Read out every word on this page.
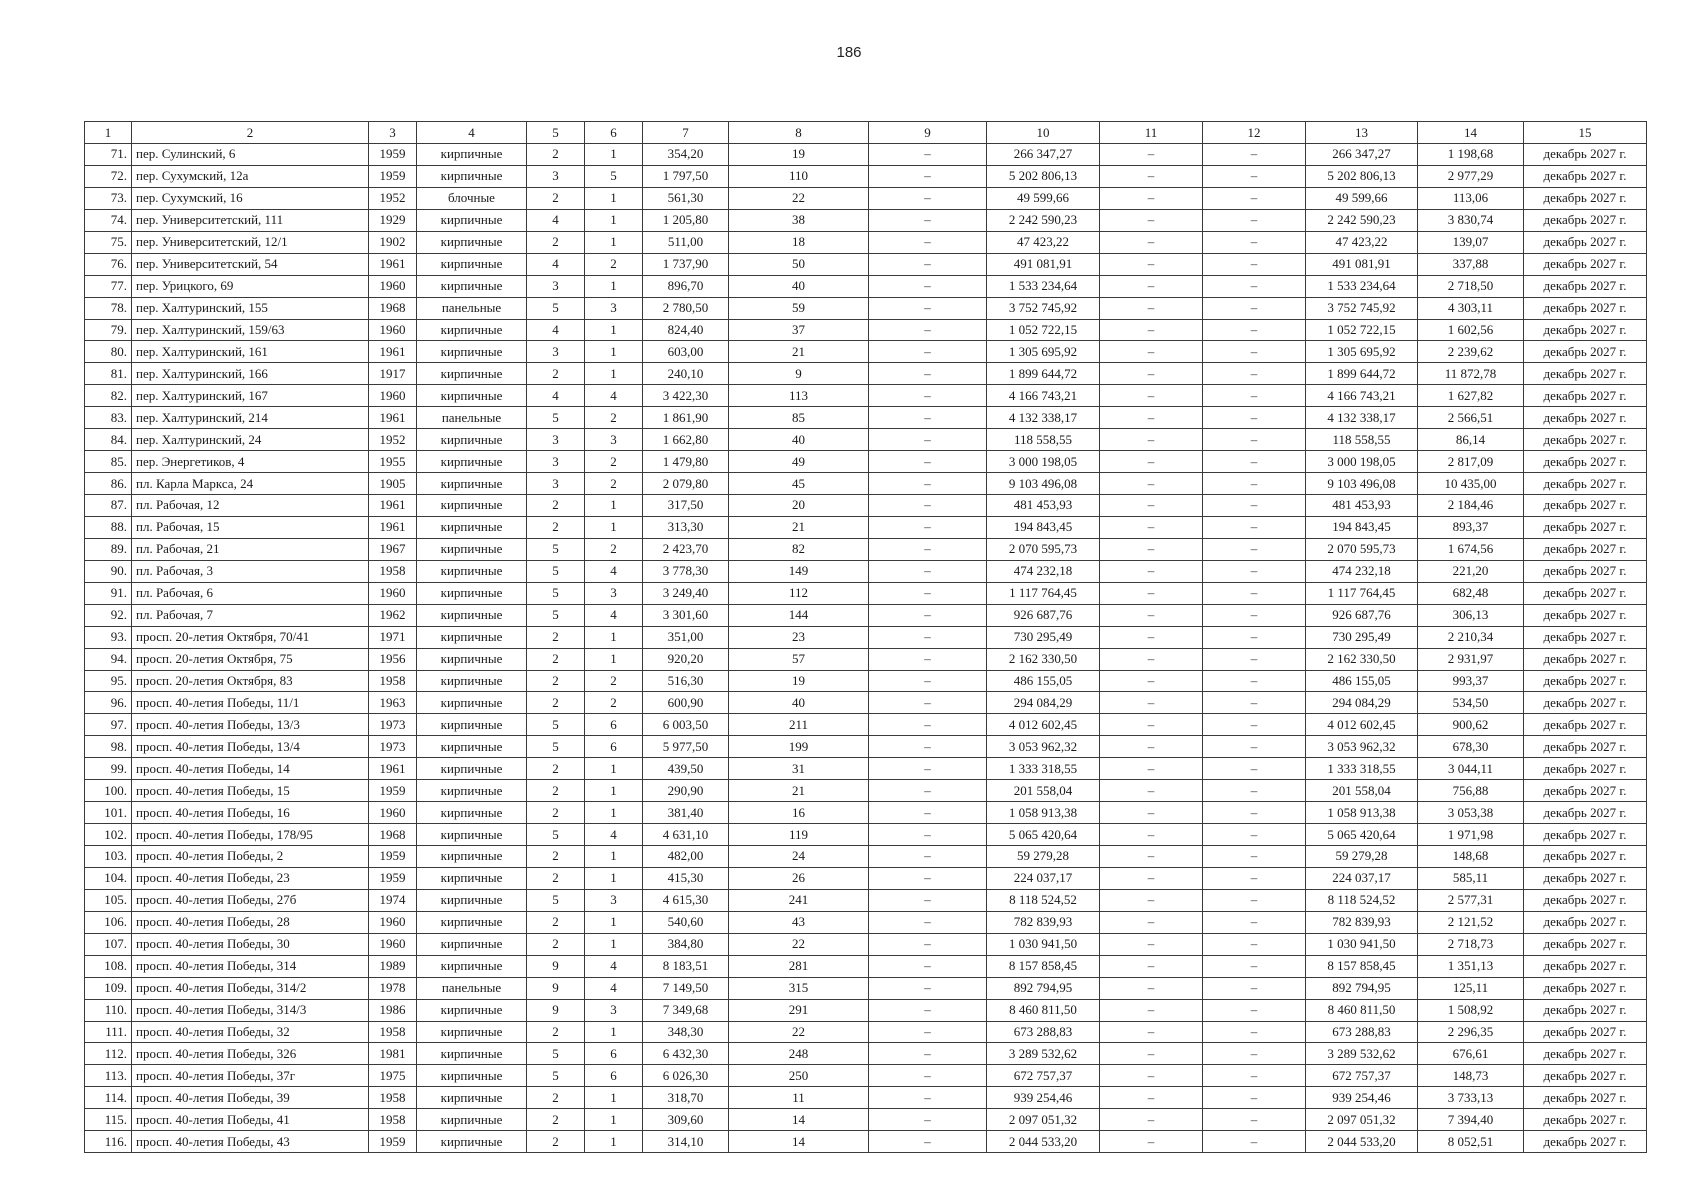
186
1	2	3	4	5	6	7	8	9	10	11	12	13	14	15
71.	пер. Сулинский, 6	1959	кирпичные	2	1	354,20	19	–	266 347,27	–	–	266 347,27	1 198,68	декабрь 2027 г.
72.	пер. Сухумский, 12а	1959	кирпичные	3	5	1 797,50	110	–	5 202 806,13	–	–	5 202 806,13	2 977,29	декабрь 2027 г.
73.	пер. Сухумский, 16	1952	блочные	2	1	561,30	22	–	49 599,66	–	–	49 599,66	113,06	декабрь 2027 г.
74.	пер. Университетский, 111	1929	кирпичные	4	1	1 205,80	38	–	2 242 590,23	–	–	2 242 590,23	3 830,74	декабрь 2027 г.
75.	пер. Университетский, 12/1	1902	кирпичные	2	1	511,00	18	–	47 423,22	–	–	47 423,22	139,07	декабрь 2027 г.
76.	пер. Университетский, 54	1961	кирпичные	4	2	1 737,90	50	–	491 081,91	–	–	491 081,91	337,88	декабрь 2027 г.
77.	пер. Урицкого, 69	1960	кирпичные	3	1	896,70	40	–	1 533 234,64	–	–	1 533 234,64	2 718,50	декабрь 2027 г.
78.	пер. Халтуринский, 155	1968	панельные	5	3	2 780,50	59	–	3 752 745,92	–	–	3 752 745,92	4 303,11	декабрь 2027 г.
79.	пер. Халтуринский, 159/63	1960	кирпичные	4	1	824,40	37	–	1 052 722,15	–	–	1 052 722,15	1 602,56	декабрь 2027 г.
80.	пер. Халтуринский, 161	1961	кирпичные	3	1	603,00	21	–	1 305 695,92	–	–	1 305 695,92	2 239,62	декабрь 2027 г.
81.	пер. Халтуринский, 166	1917	кирпичные	2	1	240,10	9	–	1 899 644,72	–	–	1 899 644,72	11 872,78	декабрь 2027 г.
82.	пер. Халтуринский, 167	1960	кирпичные	4	4	3 422,30	113	–	4 166 743,21	–	–	4 166 743,21	1 627,82	декабрь 2027 г.
83.	пер. Халтуринский, 214	1961	панельные	5	2	1 861,90	85	–	4 132 338,17	–	–	4 132 338,17	2 566,51	декабрь 2027 г.
84.	пер. Халтуринский, 24	1952	кирпичные	3	3	1 662,80	40	–	118 558,55	–	–	118 558,55	86,14	декабрь 2027 г.
85.	пер. Энергетиков, 4	1955	кирпичные	3	2	1 479,80	49	–	3 000 198,05	–	–	3 000 198,05	2 817,09	декабрь 2027 г.
86.	пл. Карла Маркса, 24	1905	кирпичные	3	2	2 079,80	45	–	9 103 496,08	–	–	9 103 496,08	10 435,00	декабрь 2027 г.
87.	пл. Рабочая, 12	1961	кирпичные	2	1	317,50	20	–	481 453,93	–	–	481 453,93	2 184,46	декабрь 2027 г.
88.	пл. Рабочая, 15	1961	кирпичные	2	1	313,30	21	–	194 843,45	–	–	194 843,45	893,37	декабрь 2027 г.
89.	пл. Рабочая, 21	1967	кирпичные	5	2	2 423,70	82	–	2 070 595,73	–	–	2 070 595,73	1 674,56	декабрь 2027 г.
90.	пл. Рабочая, 3	1958	кирпичные	5	4	3 778,30	149	–	474 232,18	–	–	474 232,18	221,20	декабрь 2027 г.
91.	пл. Рабочая, 6	1960	кирпичные	5	3	3 249,40	112	–	1 117 764,45	–	–	1 117 764,45	682,48	декабрь 2027 г.
92.	пл. Рабочая, 7	1962	кирпичные	5	4	3 301,60	144	–	926 687,76	–	–	926 687,76	306,13	декабрь 2027 г.
93.	просп. 20-летия Октября, 70/41	1971	кирпичные	2	1	351,00	23	–	730 295,49	–	–	730 295,49	2 210,34	декабрь 2027 г.
94.	просп. 20-летия Октября, 75	1956	кирпичные	2	1	920,20	57	–	2 162 330,50	–	–	2 162 330,50	2 931,97	декабрь 2027 г.
95.	просп. 20-летия Октября, 83	1958	кирпичные	2	2	516,30	19	–	486 155,05	–	–	486 155,05	993,37	декабрь 2027 г.
96.	просп. 40-летия Победы, 11/1	1963	кирпичные	2	2	600,90	40	–	294 084,29	–	–	294 084,29	534,50	декабрь 2027 г.
97.	просп. 40-летия Победы, 13/3	1973	кирпичные	5	6	6 003,50	211	–	4 012 602,45	–	–	4 012 602,45	900,62	декабрь 2027 г.
98.	просп. 40-летия Победы, 13/4	1973	кирпичные	5	6	5 977,50	199	–	3 053 962,32	–	–	3 053 962,32	678,30	декабрь 2027 г.
99.	просп. 40-летия Победы, 14	1961	кирпичные	2	1	439,50	31	–	1 333 318,55	–	–	1 333 318,55	3 044,11	декабрь 2027 г.
100.	просп. 40-летия Победы, 15	1959	кирпичные	2	1	290,90	21	–	201 558,04	–	–	201 558,04	756,88	декабрь 2027 г.
101.	просп. 40-летия Победы, 16	1960	кирпичные	2	1	381,40	16	–	1 058 913,38	–	–	1 058 913,38	3 053,38	декабрь 2027 г.
102.	просп. 40-летия Победы, 178/95	1968	кирпичные	5	4	4 631,10	119	–	5 065 420,64	–	–	5 065 420,64	1 971,98	декабрь 2027 г.
103.	просп. 40-летия Победы, 2	1959	кирпичные	2	1	482,00	24	–	59 279,28	–	–	59 279,28	148,68	декабрь 2027 г.
104.	просп. 40-летия Победы, 23	1959	кирпичные	2	1	415,30	26	–	224 037,17	–	–	224 037,17	585,11	декабрь 2027 г.
105.	просп. 40-летия Победы, 27б	1974	кирпичные	5	3	4 615,30	241	–	8 118 524,52	–	–	8 118 524,52	2 577,31	декабрь 2027 г.
106.	просп. 40-летия Победы, 28	1960	кирпичные	2	1	540,60	43	–	782 839,93	–	–	782 839,93	2 121,52	декабрь 2027 г.
107.	просп. 40-летия Победы, 30	1960	кирпичные	2	1	384,80	22	–	1 030 941,50	–	–	1 030 941,50	2 718,73	декабрь 2027 г.
108.	просп. 40-летия Победы, 314	1989	кирпичные	9	4	8 183,51	281	–	8 157 858,45	–	–	8 157 858,45	1 351,13	декабрь 2027 г.
109.	просп. 40-летия Победы, 314/2	1978	панельные	9	4	7 149,50	315	–	892 794,95	–	–	892 794,95	125,11	декабрь 2027 г.
110.	просп. 40-летия Победы, 314/3	1986	кирпичные	9	3	7 349,68	291	–	8 460 811,50	–	–	8 460 811,50	1 508,92	декабрь 2027 г.
111.	просп. 40-летия Победы, 32	1958	кирпичные	2	1	348,30	22	–	673 288,83	–	–	673 288,83	2 296,35	декабрь 2027 г.
112.	просп. 40-летия Победы, 326	1981	кирпичные	5	6	6 432,30	248	–	3 289 532,62	–	–	3 289 532,62	676,61	декабрь 2027 г.
113.	просп. 40-летия Победы, 37г	1975	кирпичные	5	6	6 026,30	250	–	672 757,37	–	–	672 757,37	148,73	декабрь 2027 г.
114.	просп. 40-летия Победы, 39	1958	кирпичные	2	1	318,70	11	–	939 254,46	–	–	939 254,46	3 733,13	декабрь 2027 г.
115.	просп. 40-летия Победы, 41	1958	кирпичные	2	1	309,60	14	–	2 097 051,32	–	–	2 097 051,32	7 394,40	декабрь 2027 г.
116.	просп. 40-летия Победы, 43	1959	кирпичные	2	1	314,10	14	–	2 044 533,20	–	–	2 044 533,20	8 052,51	декабрь 2027 г.
